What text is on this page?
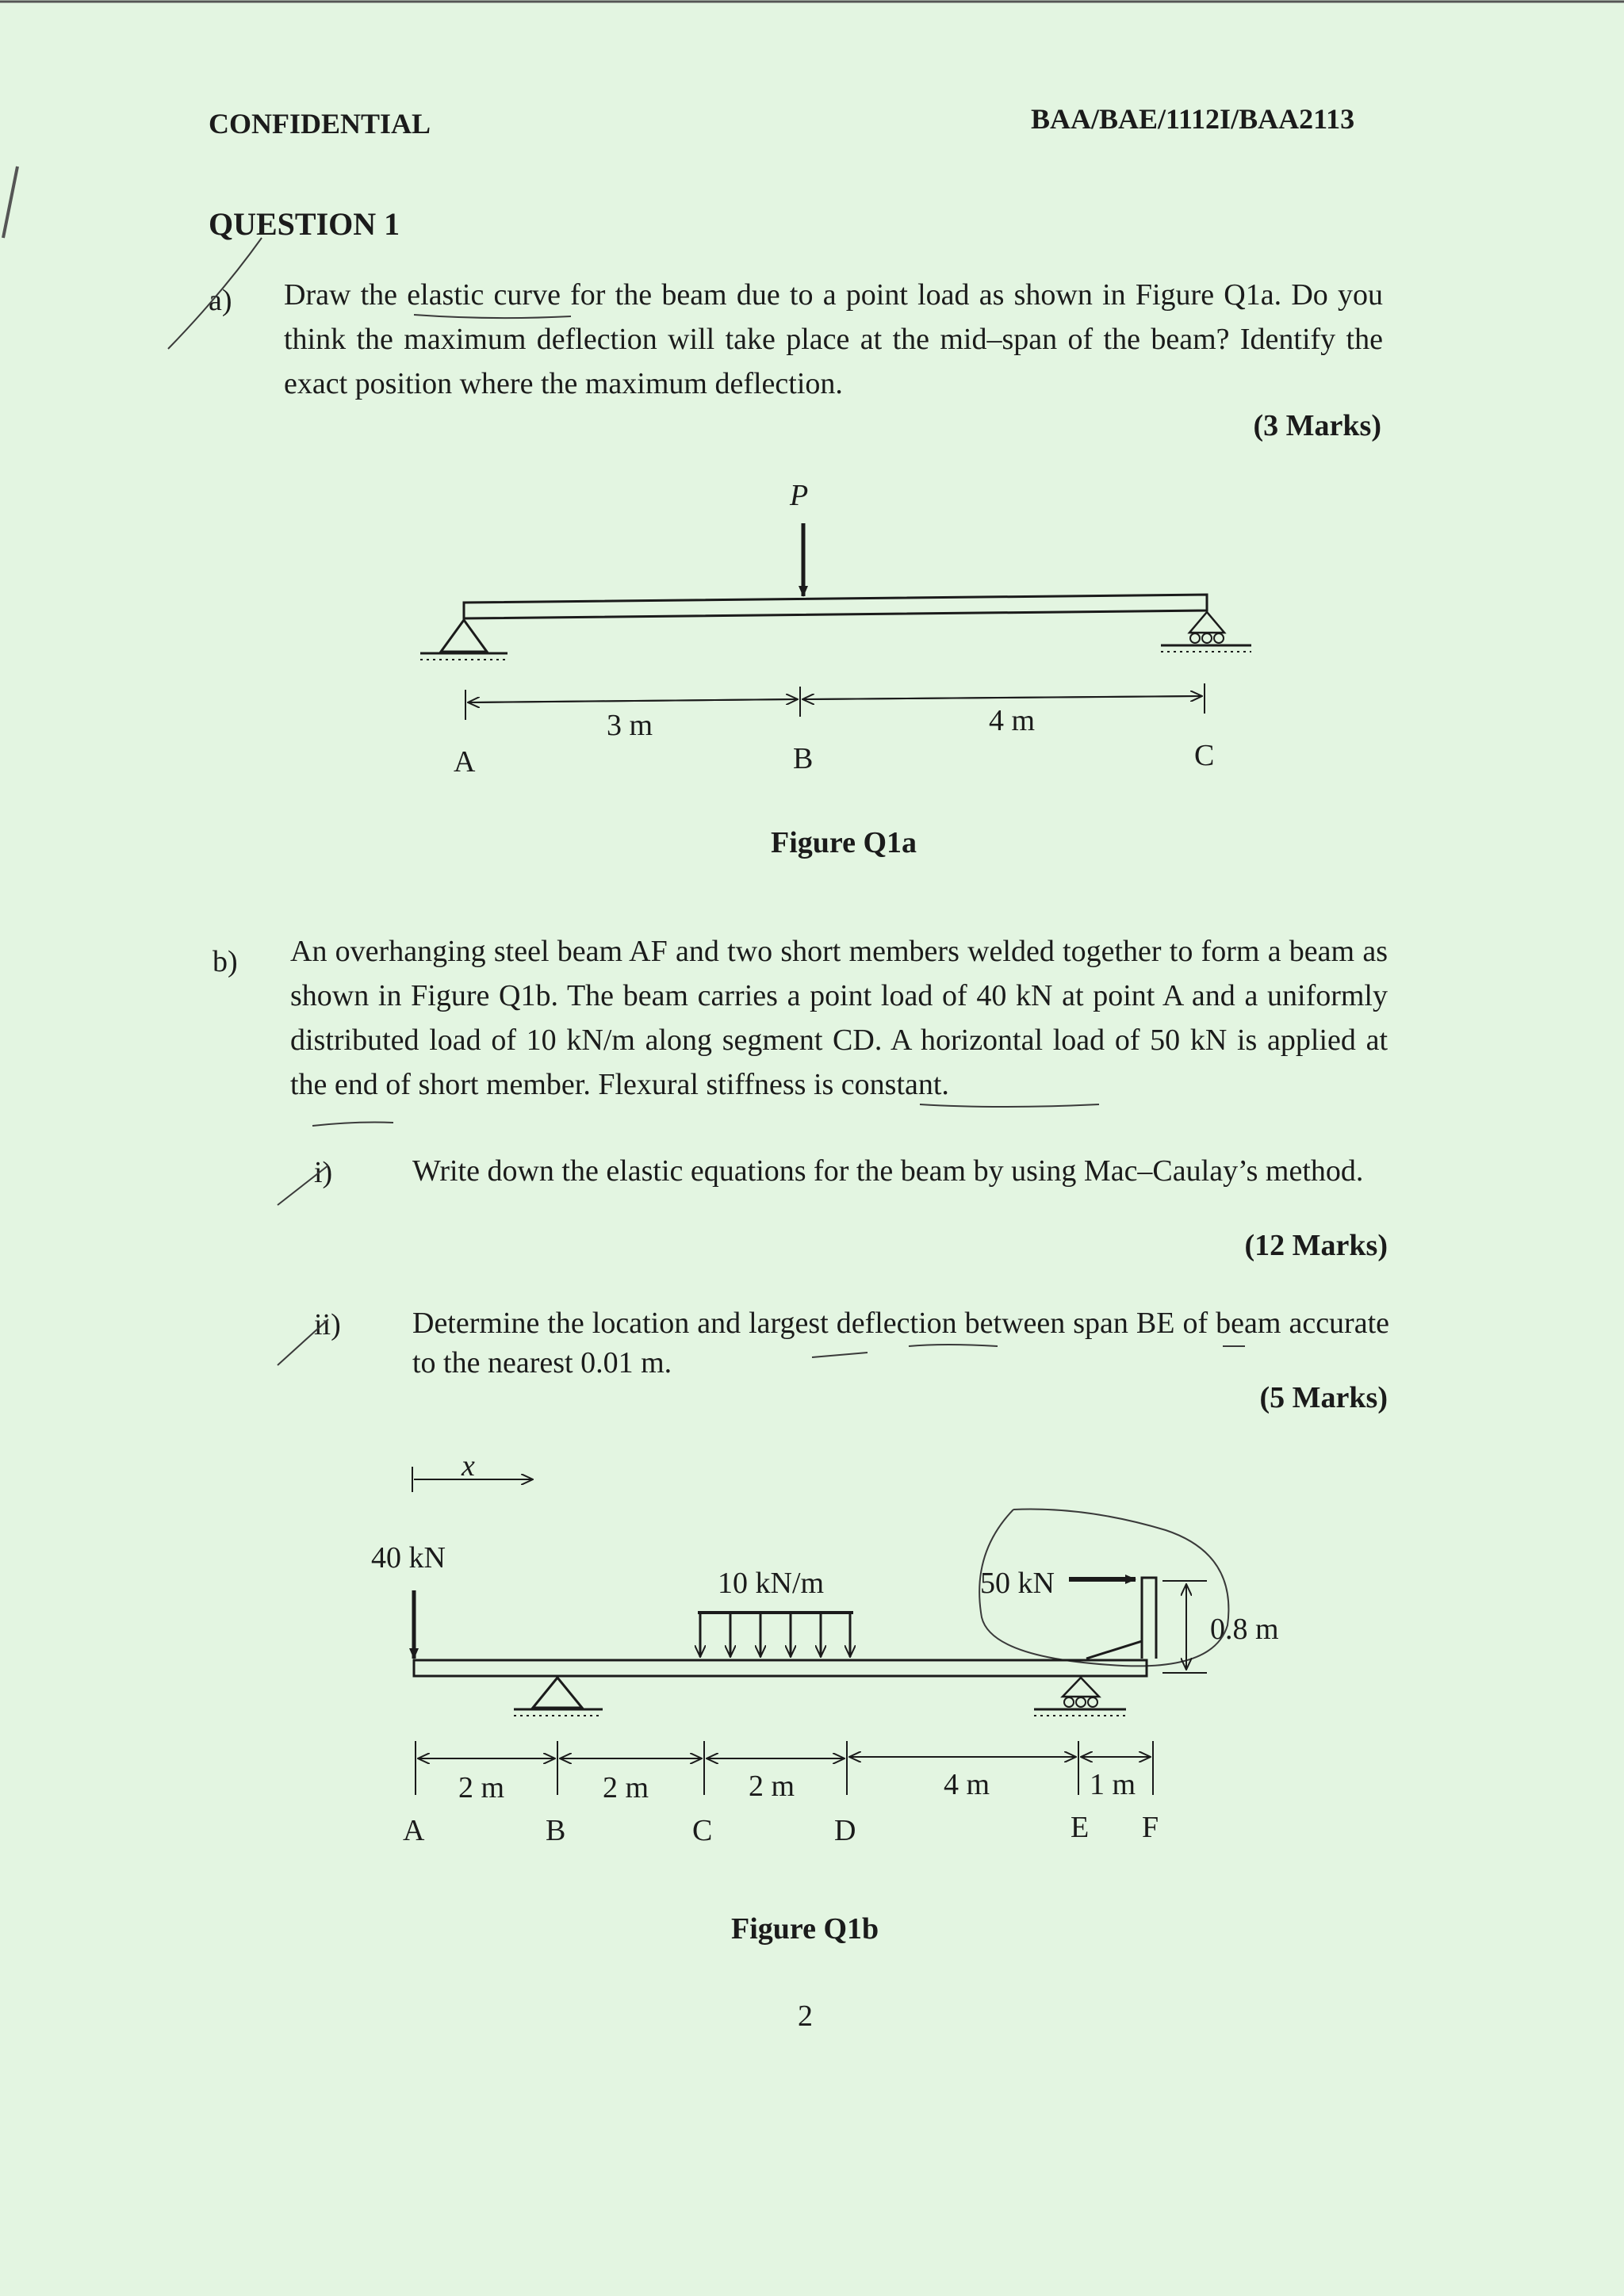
CONFIDENTIAL	BAA/BAE/1112I/BAA2113
QUESTION 1
a) Draw the elastic curve for the beam due to a point load as shown in Figure Q1a. Do you think the maximum deflection will take place at the mid–span of the beam? Identify the exact position where the maximum deflection.
(3 Marks)
P
3 m	4 m
A	B	C
Figure Q1a
b) An overhanging steel beam AF and two short members welded together to form a beam as shown in Figure Q1b. The beam carries a point load of 40 kN at point A and a uniformly distributed load of 10 kN/m along segment CD. A horizontal load of 50 kN is applied at the end of short member. Flexural stiffness is constant.
i)	Write down the elastic equations for the beam by using Mac–Caulay’s method.
(12 Marks)
ii) Determine the location and largest deflection between span BE of beam accurate to the nearest 0.01 m.
(5 Marks)
x
40 kN
10 kN/m	50 kN
0.8 m
2 m	2 m	2 m	4 m	1 m
A	B	C	D	E F
Figure Q1b
2
